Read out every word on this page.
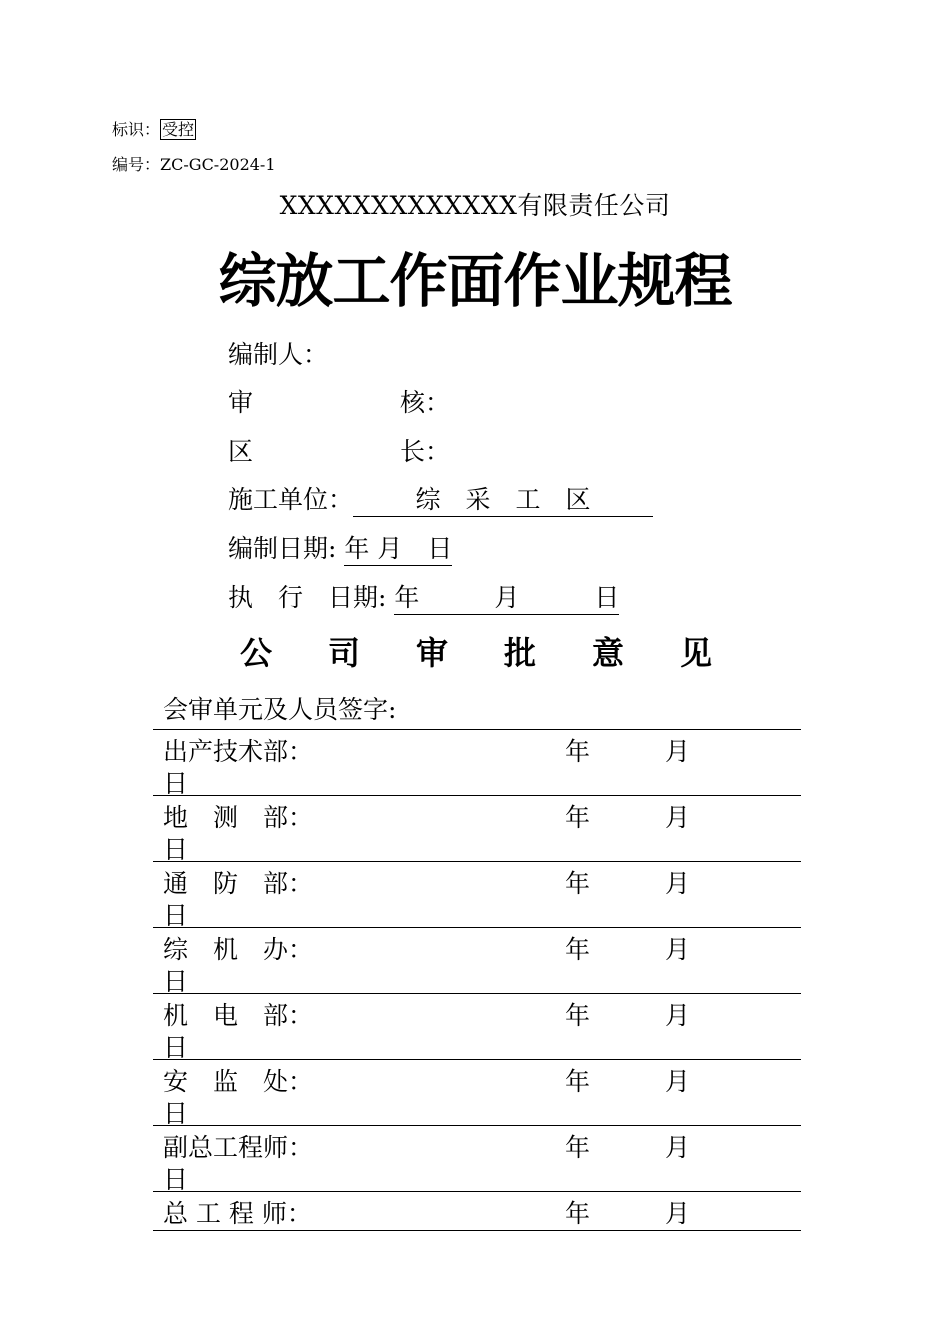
标识： 受控
编号：ZC-GC-2024-1
XXXXXXXXXXXXX有限责任公司
综放工作面作业规程
编制人：
审	核：
区	长：
施工单位： 综　采　工　区
编制日期: 年 月　日
执　行　日期: 年　　　月　　　日
公 司 审 批 意 见
会审单元及人员签字:
出产技术部：	年	月
日

地　测　部：	年	月
日

通　防　部：	年	月
日

综　机　办：	年	月
日

机　电　部：	年	月
日

安　监　处：	年	月
日

副总工程师：	年	月
日

总 工 程 师：	年	月
